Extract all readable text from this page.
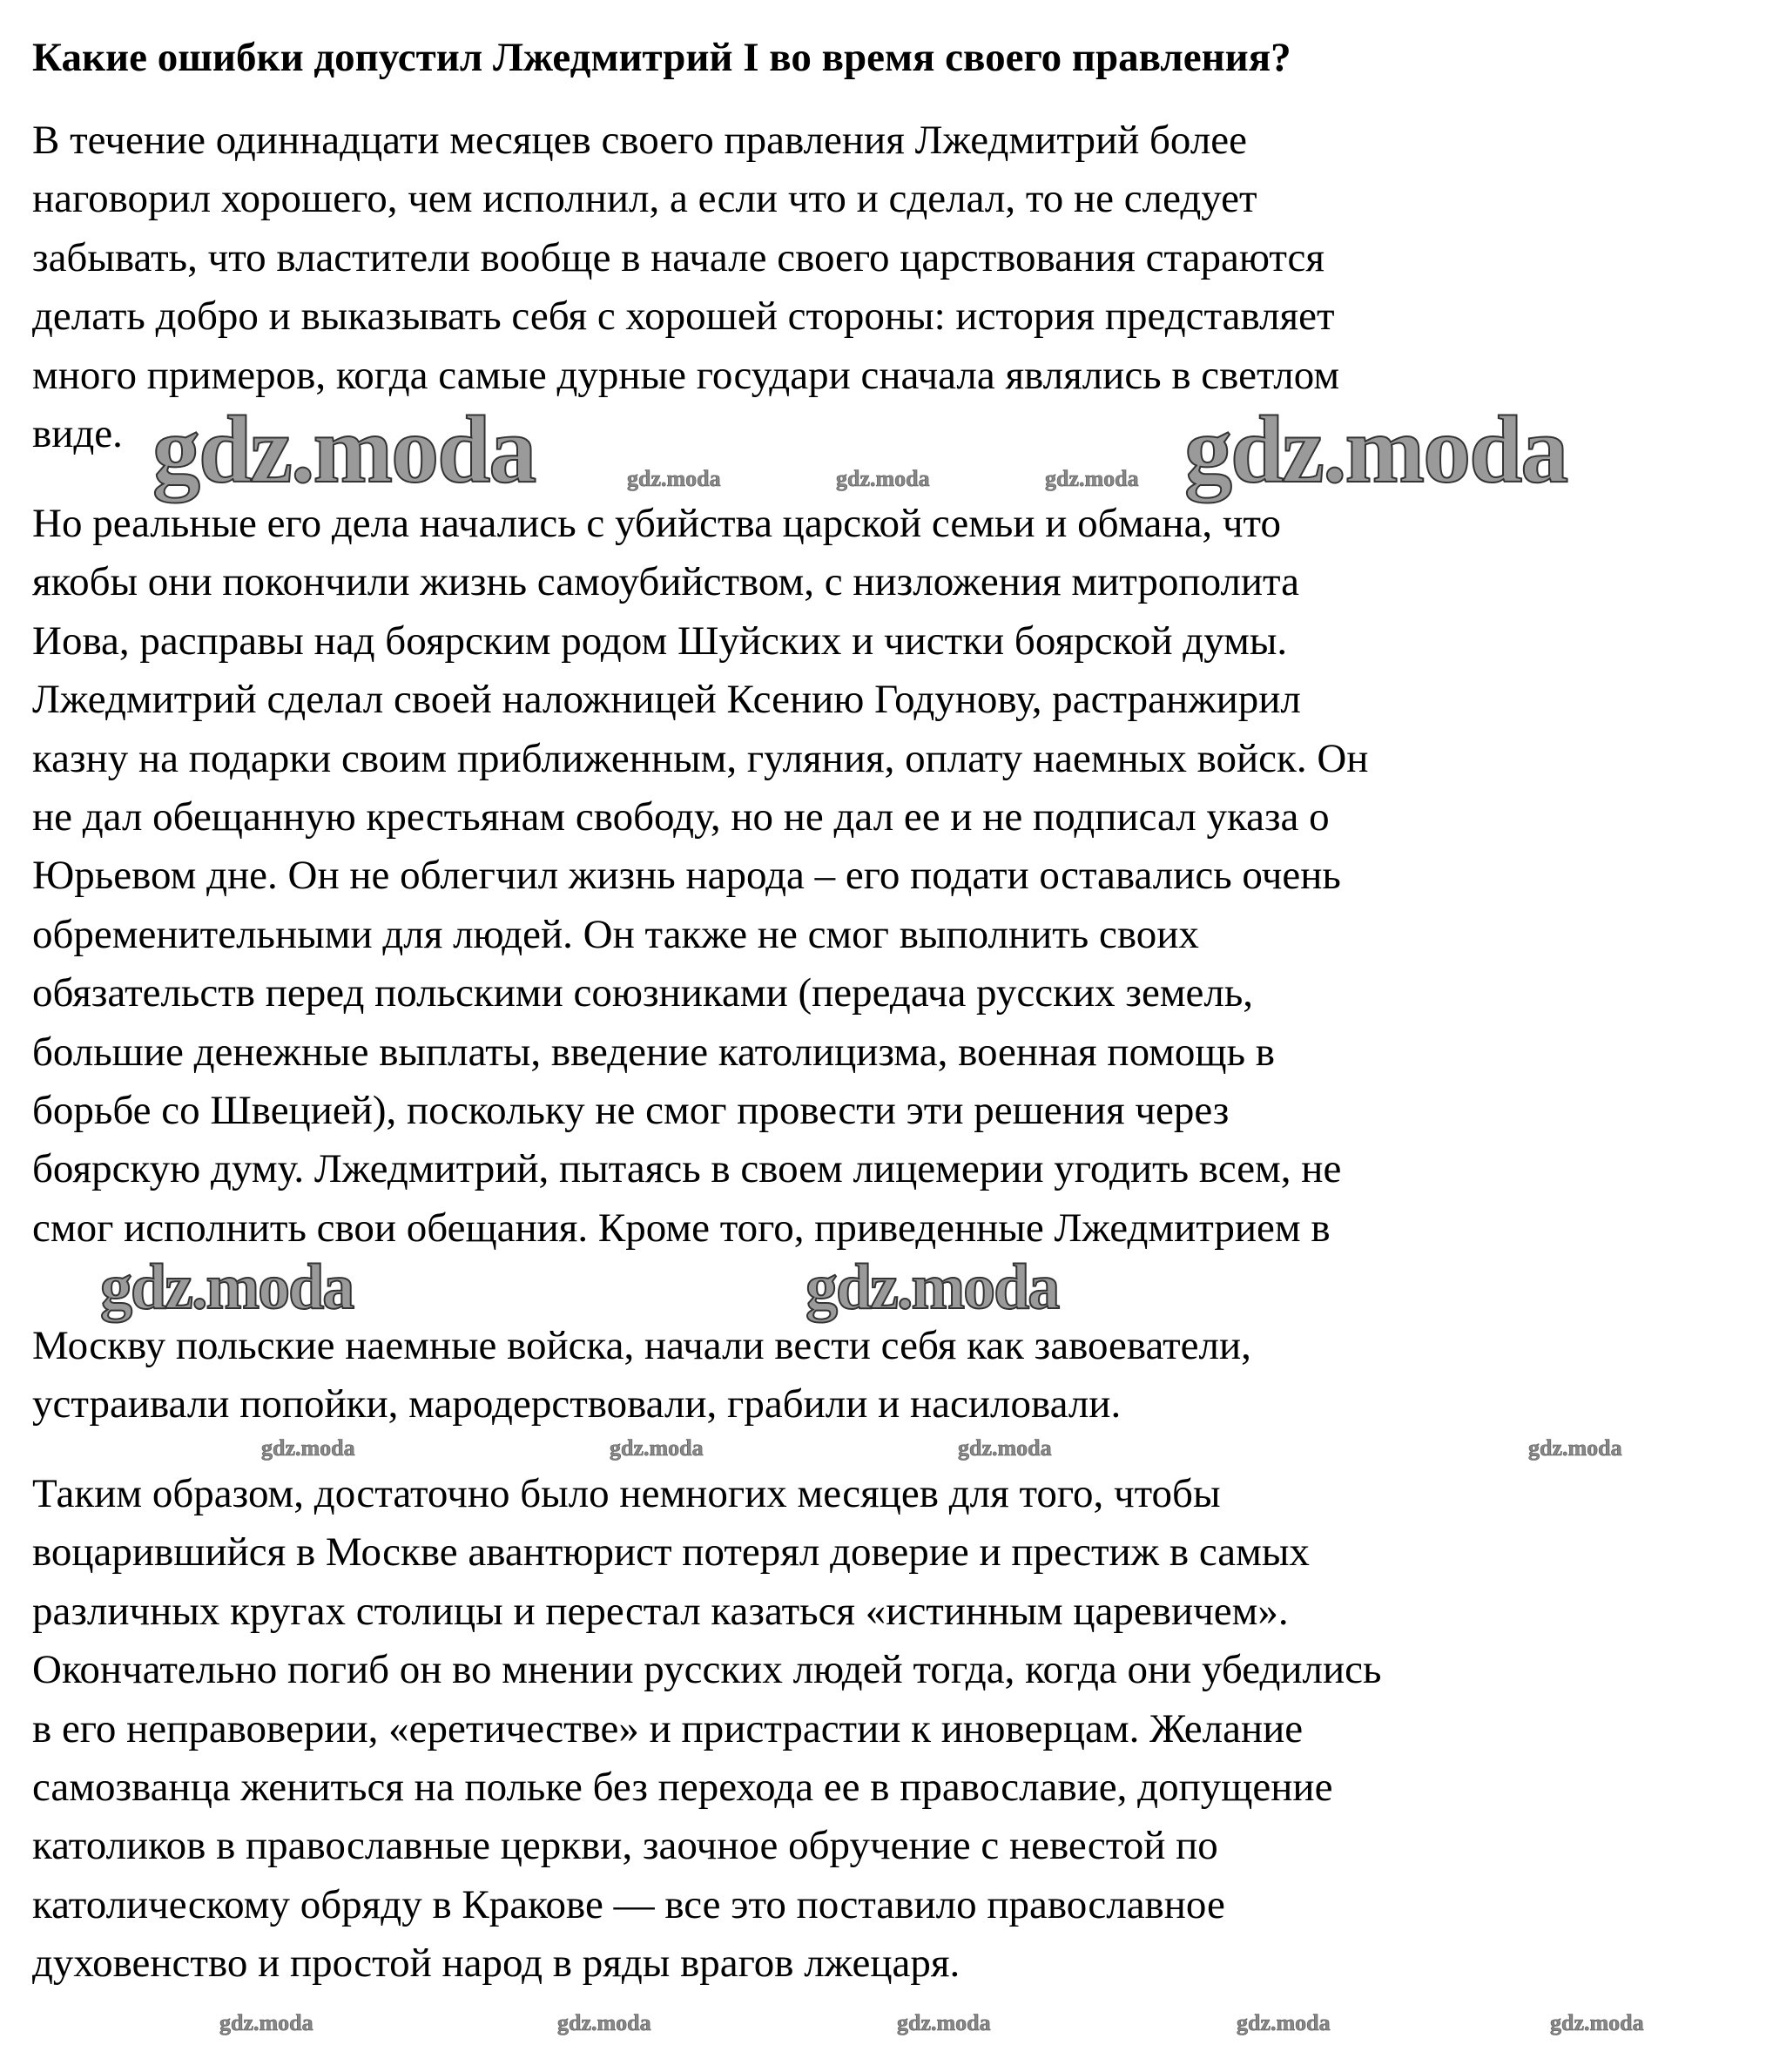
Какие ошибки допустил Лжедмитрий I во время своего правления?
В течение одиннадцати месяцев своего правления Лжедмитрий более
наговорил хорошего, чем исполнил, а если что и сделал, то не следует
забывать, что властители вообще в начале своего царствования стараются
делать добро и выказывать себя с хорошей стороны: история представляет
много примеров, когда самые дурные государи сначала являлись в светлом
виде.
Но реальные его дела начались с убийства царской семьи и обмана, что
якобы они покончили жизнь самоубийством, с низложения митрополита
Иова, расправы над боярским родом Шуйских и чистки боярской думы.
Лжедмитрий сделал своей наложницей Ксению Годунову, растранжирил
казну на подарки своим приближенным, гуляния, оплату наемных войск. Он
не дал обещанную крестьянам свободу, но не дал ее и не подписал указа о
Юрьевом дне. Он не облегчил жизнь народа – его подати оставались очень
обременительными для людей. Он также не смог выполнить своих
обязательств перед польскими союзниками (передача русских земель,
большие денежные выплаты, введение католицизма, военная помощь в
борьбе со Швецией), поскольку не смог провести эти решения через
боярскую думу. Лжедмитрий, пытаясь в своем лицемерии угодить всем, не
смог исполнить свои обещания. Кроме того, приведенные Лжедмитрием в
Москву польские наемные войска, начали вести себя как завоеватели,
устраивали попойки, мародерствовали, грабили и насиловали.
Таким образом, достаточно было немногих месяцев для того, чтобы
воцарившийся в Москве авантюрист потерял доверие и престиж в самых
различных кругах столицы и перестал казаться «истинным царевичем».
Окончательно погиб он во мнении русских людей тогда, когда они убедились
в его неправоверии, «еретичестве» и пристрастии к иноверцам. Желание
самозванца жениться на польке без перехода ее в православие, допущение
католиков в православные церкви, заочное обручение с невестой по
католическому обряду в Кракове — все это поставило православное
духовенство и простой народ в ряды врагов лжецаря.
gdz.moda	gdz.moda
gdz.moda	gdz.moda
gdz.moda	gdz.moda	gdz.moda
gdz.moda
gdz.moda	gdz.moda	gdz.moda
gdz.moda	gdz.moda	gdz.moda	gdz.moda	gdz.moda
